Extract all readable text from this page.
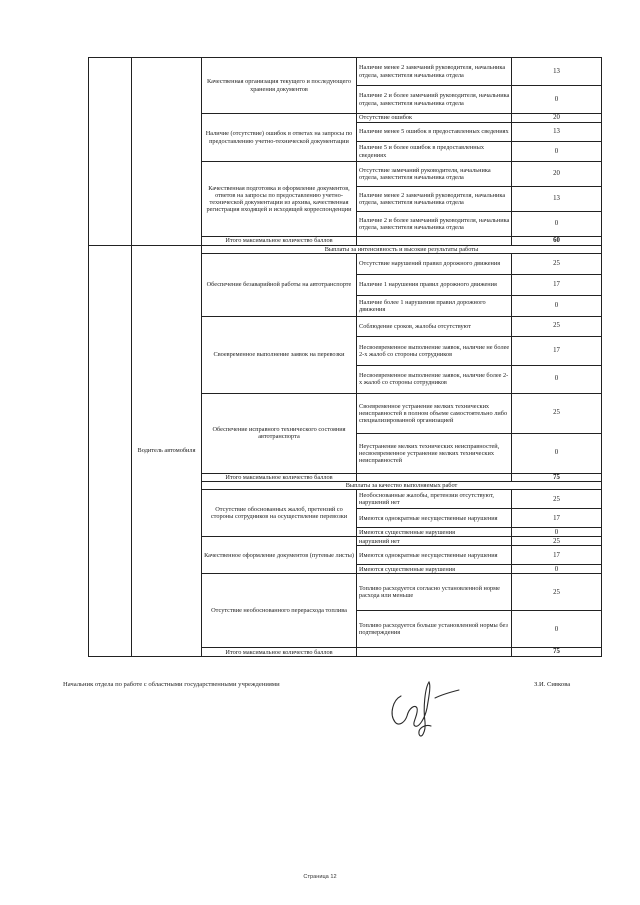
		Качественная организация текущего и последующего хранения документов	Наличие менее 2 замечаний руководителя, начальника отдела, заместителя начальника отдела	13
			Наличие 2 и более замечаний руководителя, начальника отдела, заместителя начальника отдела	0
		Наличие (отсутствие) ошибок в ответах на запросы по предоставлению учетно-технической документации	Отсутствие ошибок	20
			Наличие менее 5 ошибок в предоставленных сведениях	13
			Наличие 5 и более ошибок в предоставленных сведениях	0
		Качественная подготовка и оформление документов, ответов на запросы по предоставлению учетно-технической документации из архива, качественная регистрация входящей и исходящей корреспонденции	Отсутствие замечаний руководителя, начальника отдела, заместителя начальника отдела	20
			Наличие менее 2 замечаний руководителя, начальника отдела, заместителя начальника отдела	13
			Наличие 2 и более замечаний руководителя, начальника отдела, заместителя начальника отдела	0
		Итого максимальное количество баллов		60
	Водитель автомобиля	Выплаты за интенсивность и высокие результаты работы		
		Обеспечение безаварийной работы на автотранспорте	Отсутствие нарушений правил дорожного движения	25
			Наличие 1 нарушения правил дорожного движения	17
			Наличие более 1 нарушения правил дорожного движения	0
		Своевременное выполнение заявок на перевозки	Соблюдение сроков, жалобы отсутствуют	25
			Несвоевременное выполнение заявок, наличие не более 2-х жалоб со стороны сотрудников	17
			Несвоевременное выполнение заявок, наличие более 2-х жалоб со стороны сотрудников	0
		Обеспечение исправного технического состояния автотранспорта	Своевременное устранение мелких технических неисправностей в полном объеме самостоятельно либо специализированной организацией	25
			Неустранение мелких технических неисправностей, несвоевременное устранение мелких технических неисправностей	0
		Итого максимальное количество баллов		75
		Выплаты за качество выполняемых работ		
		Отсутствие обоснованных жалоб, претензий со стороны сотрудников на осуществление перевозки	Необоснованные жалобы, претензии отсутствуют, нарушений нет	25
			Имеются однократные несущественные нарушения	17
			Имеются существенные нарушения	0
		Качественное оформление документов (путевые листы)	нарушений нет	25
			Имеются однократные несущественные нарушения	17
			Имеются существенные нарушения	0
		Отсутствие необоснованного перерасхода топлива	Топливо расходуется согласно установленной норме расхода или меньше	25
			Топливо расходуется больше установленной нормы без подтверждения	0
		Итого максимальное количество баллов		75
Начальник отдела по работе с областными государственными учреждениями	З.И. Сивкова
Страница 12
